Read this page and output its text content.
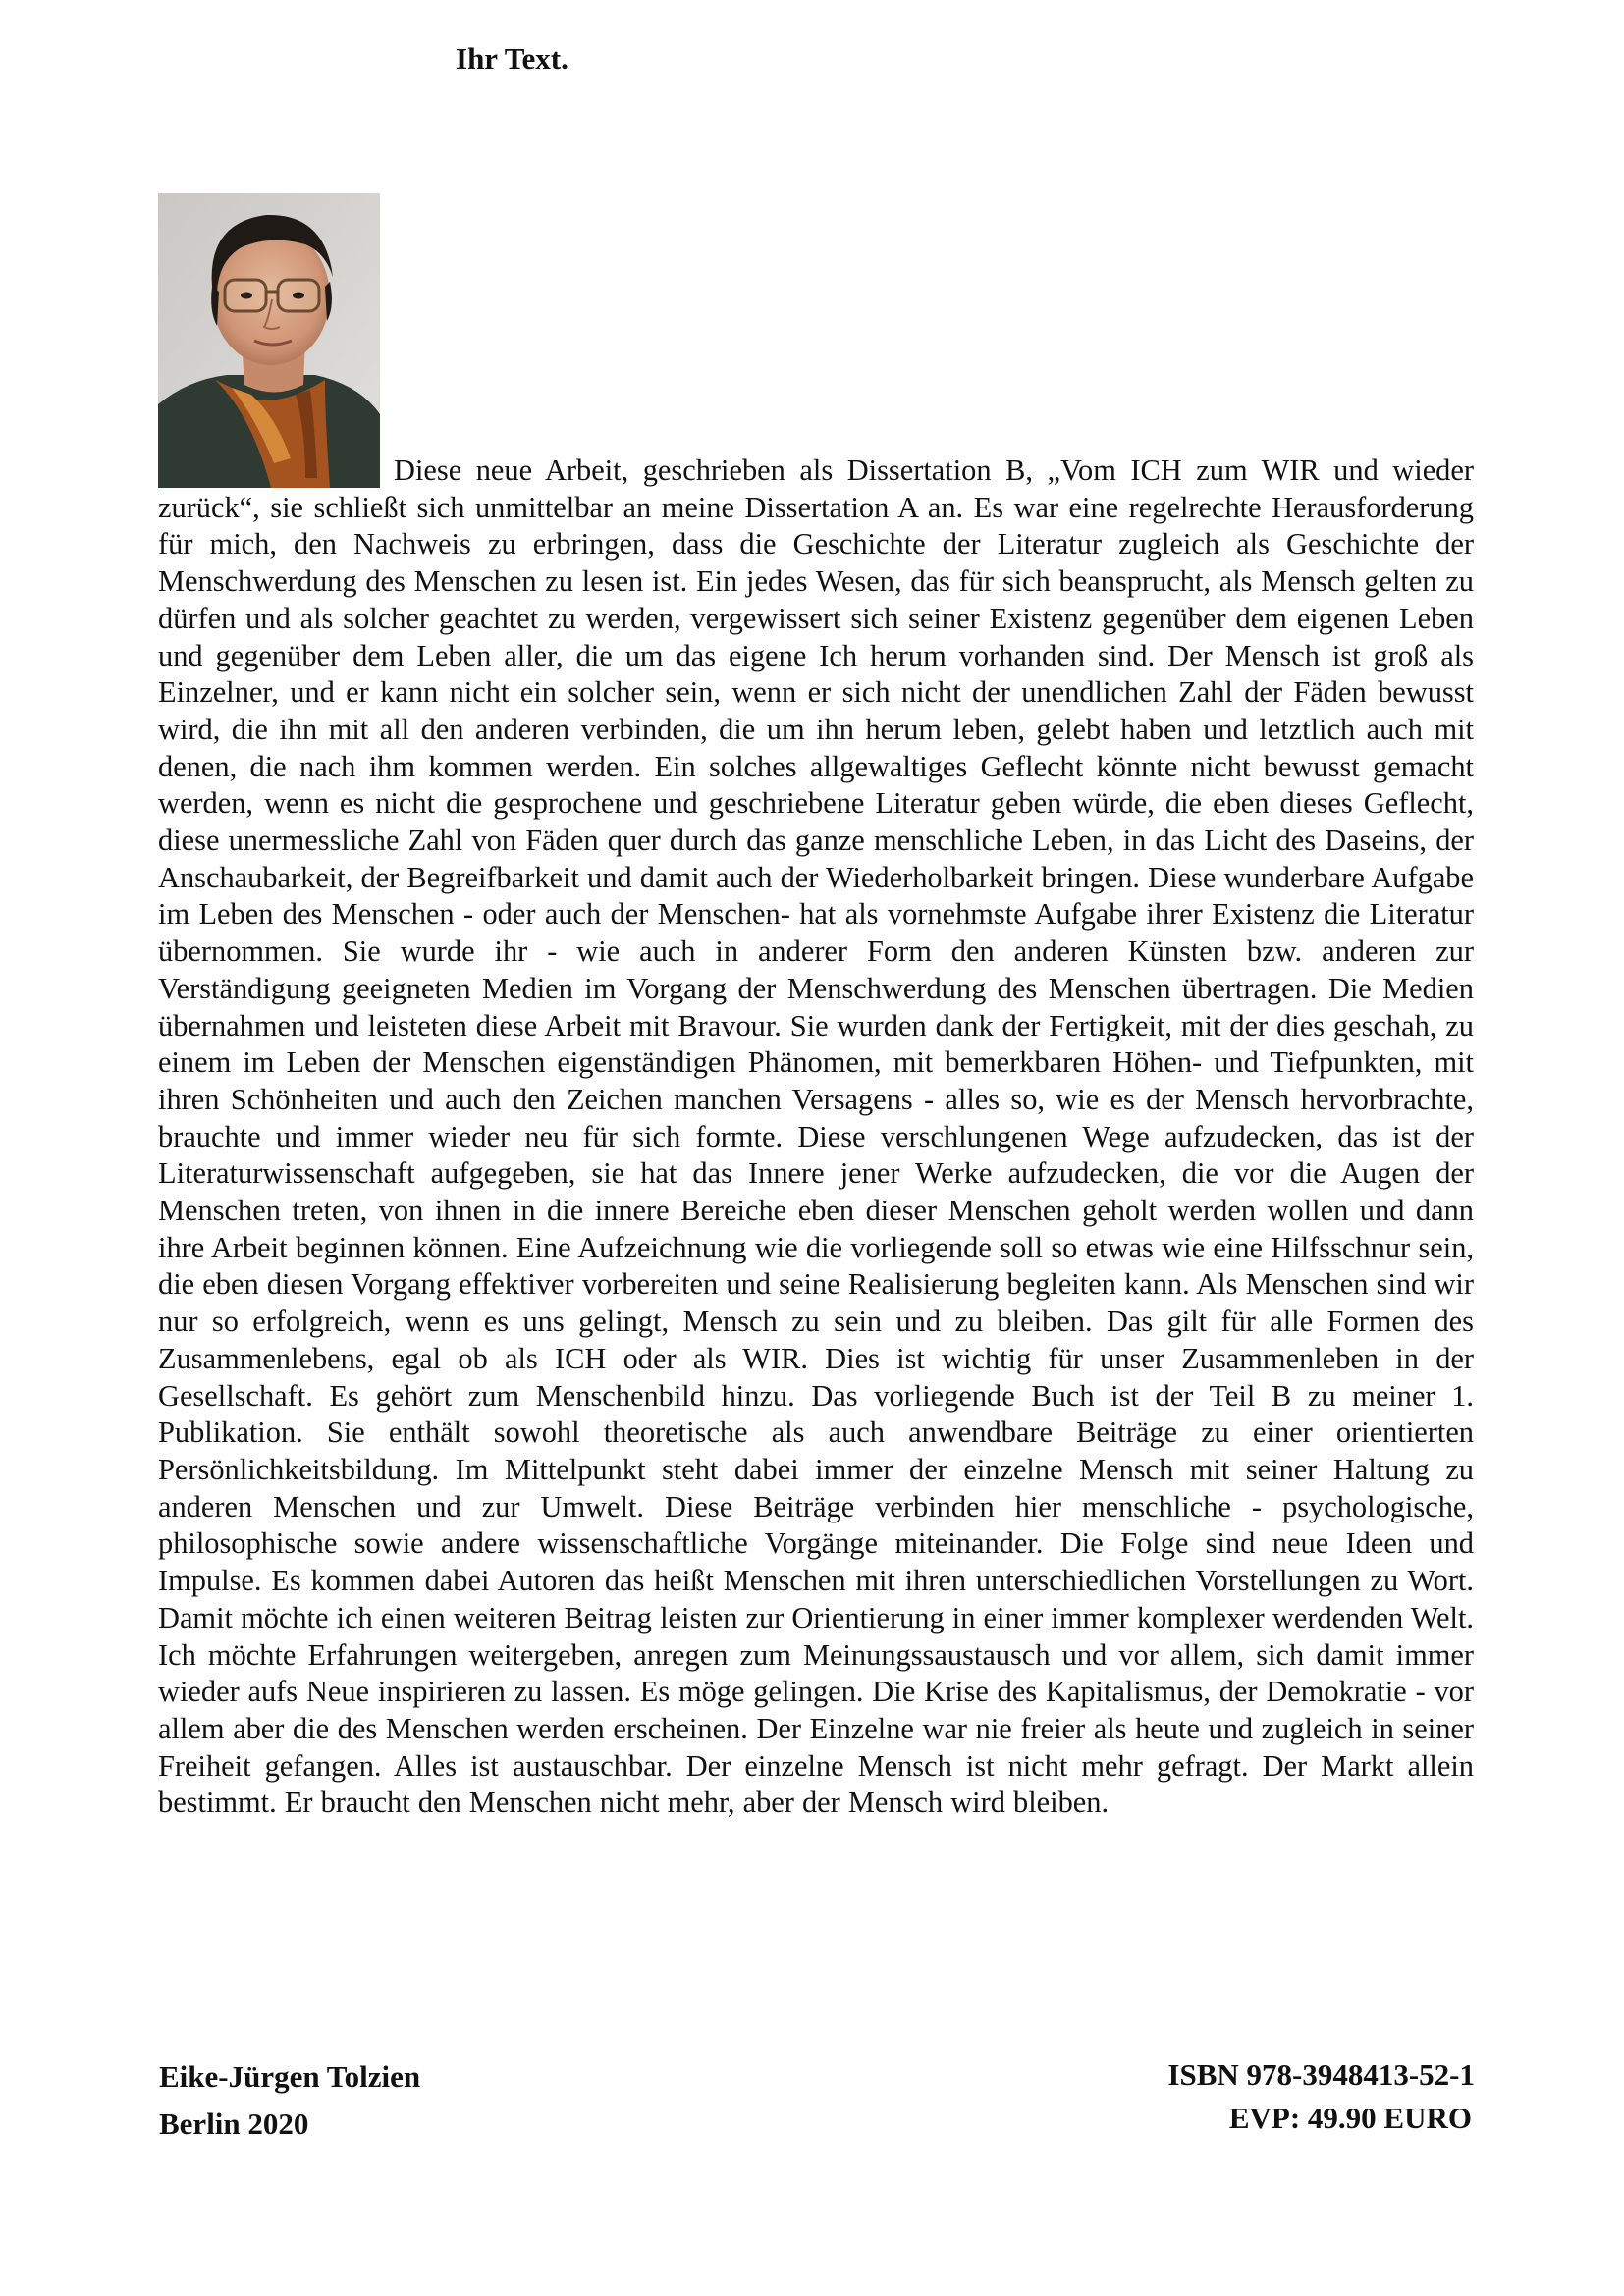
Ihr Text.

Diese neue Arbeit, geschrieben als Dissertation B, „Vom ICH zum WIR und wieder zurück“, sie schließt sich unmittelbar an meine Dissertation A an. Es war eine regelrechte Herausforderung für mich, den Nachweis zu erbringen, dass die Geschichte der Literatur zugleich als Geschichte der Menschwerdung des Menschen zu lesen ist. Ein jedes Wesen, das für sich beansprucht, als Mensch gelten zu dürfen und als solcher geachtet zu werden, vergewissert sich seiner Existenz gegenüber dem eigenen Leben und gegenüber dem Leben aller, die um das eigene Ich herum vorhanden sind. Der Mensch ist groß als Einzelner, und er kann nicht ein solcher sein, wenn er sich nicht der unendlichen Zahl der Fäden bewusst wird, die ihn mit all den anderen verbinden, die um ihn herum leben, gelebt haben und letztlich auch mit denen, die nach ihm kommen werden. Ein solches allgewaltiges Geflecht könnte nicht bewusst gemacht werden, wenn es nicht die gesprochene und geschriebene Literatur geben würde, die eben dieses Geflecht, diese unermessliche Zahl von Fäden quer durch das ganze menschliche Leben, in das Licht des Daseins, der Anschaubarkeit, der Begreifbarkeit und damit auch der Wiederholbarkeit bringen. Diese wunderbare Aufgabe im Leben des Menschen - oder auch der Menschen- hat als vornehmste Aufgabe ihrer Existenz die Literatur übernommen. Sie wurde ihr - wie auch in anderer Form den anderen Künsten bzw. anderen zur Verständigung geeigneten Medien im Vorgang der Menschwerdung des Menschen übertragen. Die Medien übernahmen und leisteten diese Arbeit mit Bravour. Sie wurden dank der Fertigkeit, mit der dies geschah, zu einem im Leben der Menschen eigenständigen Phänomen, mit bemerkbaren Höhen- und Tiefpunkten, mit ihren Schönheiten und auch den Zeichen manchen Versagens - alles so, wie es der Mensch hervorbrachte, brauchte und immer wieder neu für sich formte. Diese verschlungenen Wege aufzudecken, das ist der Literaturwissenschaft aufgegeben, sie hat das Innere jener Werke aufzudecken, die vor die Augen der Menschen treten, von ihnen in die innere Bereiche eben dieser Menschen geholt werden wollen und dann ihre Arbeit beginnen können. Eine Aufzeichnung wie die vorliegende soll so etwas wie eine Hilfsschnur sein, die eben diesen Vorgang effektiver vorbereiten und seine Realisierung begleiten kann. Als Menschen sind wir nur so erfolgreich, wenn es uns gelingt, Mensch zu sein und zu bleiben. Das gilt für alle Formen des Zusammenlebens, egal ob als ICH oder als WIR. Dies ist wichtig für unser Zusammenleben in der Gesellschaft. Es gehört zum Menschenbild hinzu. Das vorliegende Buch ist der Teil B zu meiner 1. Publikation. Sie enthält sowohl theoretische als auch anwendbare Beiträge zu einer orientierten Persönlichkeitsbildung. Im Mittelpunkt steht dabei immer der einzelne Mensch mit seiner Haltung zu anderen Menschen und zur Umwelt. Diese Beiträge verbinden hier menschliche - psychologische, philosophische sowie andere wissenschaftliche Vorgänge miteinander. Die Folge sind neue Ideen und Impulse. Es kommen dabei Autoren das heißt Menschen mit ihren unterschiedlichen Vorstellungen zu Wort. Damit möchte ich einen weiteren Beitrag leisten zur Orientierung in einer immer komplexer werdenden Welt. Ich möchte Erfahrungen weitergeben, anregen zum Meinungssaustausch und vor allem, sich damit immer wieder aufs Neue inspirieren zu lassen. Es möge gelingen. Die Krise des Kapitalismus, der Demokratie - vor allem aber die des Menschen werden erscheinen. Der Einzelne war nie freier als heute und zugleich in seiner Freiheit gefangen. Alles ist austauschbar. Der einzelne Mensch ist nicht mehr gefragt. Der Markt allein bestimmt. Er braucht den Menschen nicht mehr, aber der Mensch wird bleiben.

Eike-Jürgen Tolzien
Berlin 2020
ISBN 978-3948413-52-1
EVP: 49.90 EURO
